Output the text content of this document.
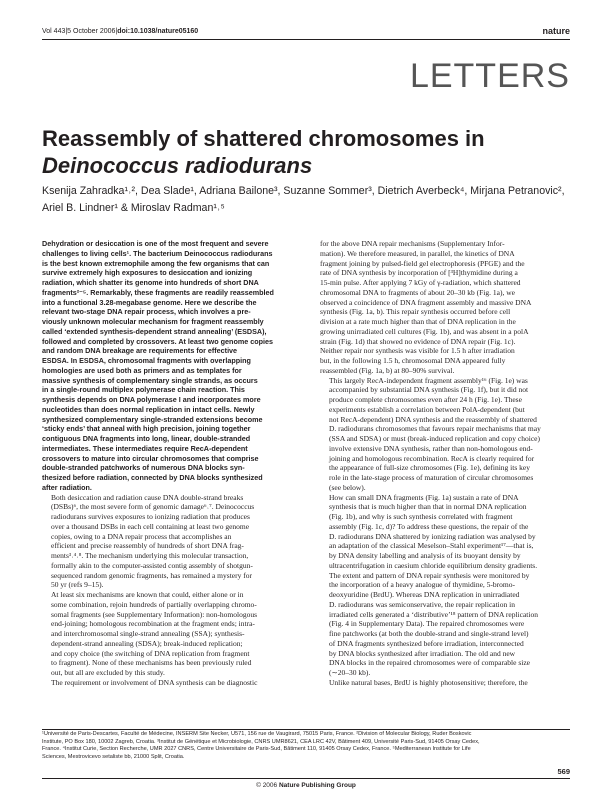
Vol 443|5 October 2006|doi:10.1038/nature05160	nature
LETTERS
Reassembly of shattered chromosomes in
Deinococcus radiodurans
Ksenija Zahradka¹˒², Dea Slade¹, Adriana Bailone³, Suzanne Sommer³, Dietrich Averbeck⁴, Mirjana Petranovic²,
Ariel B. Lindner¹ & Miroslav Radman¹˒⁵
Dehydration or desiccation is one of the most frequent and severe
challenges to living cells¹. The bacterium Deinococcus radiodurans
is the best known extremophile among the few organisms that can
survive extremely high exposures to desiccation and ionizing
radiation, which shatter its genome into hundreds of short DNA
fragments²⁻⁵. Remarkably, these fragments are readily reassembled
into a functional 3.28-megabase genome. Here we describe the
relevant two-stage DNA repair process, which involves a pre-
viously unknown molecular mechanism for fragment reassembly
called ‘extended synthesis-dependent strand annealing’ (ESDSA),
followed and completed by crossovers. At least two genome copies
and random DNA breakage are requirements for effective
ESDSA. In ESDSA, chromosomal fragments with overlapping
homologies are used both as primers and as templates for
massive synthesis of complementary single strands, as occurs
in a single-round multiplex polymerase chain reaction. This
synthesis depends on DNA polymerase I and incorporates more
nucleotides than does normal replication in intact cells. Newly
synthesized complementary single-stranded extensions become
‘sticky ends’ that anneal with high precision, joining together
contiguous DNA fragments into long, linear, double-stranded
intermediates. These intermediates require RecA-dependent
crossovers to mature into circular chromosomes that comprise
double-stranded patchworks of numerous DNA blocks syn-
thesized before radiation, connected by DNA blocks synthesized
after radiation.

Both desiccation and radiation cause DNA double-strand breaks
(DSBs)⁶, the most severe form of genomic damage⁶˒⁷. Deinococcus
radiodurans survives exposures to ionizing radiation that produces
over a thousand DSBs in each cell containing at least two genome
copies, owing to a DNA repair process that accomplishes an
efficient and precise reassembly of hundreds of short DNA frag-
ments³˒⁴˒⁸. The mechanism underlying this molecular transaction,
formally akin to the computer-assisted contig assembly of shotgun-
sequenced random genomic fragments, has remained a mystery for
50 yr (refs 9–15).

At least six mechanisms are known that could, either alone or in
some combination, rejoin hundreds of partially overlapping chromo-
somal fragments (see Supplementary Information): non-homologous
end-joining; homologous recombination at the fragment ends; intra-
and interchromosomal single-strand annealing (SSA); synthesis-
dependent-strand annealing (SDSA); break-induced replication;
and copy choice (the switching of DNA replication from fragment
to fragment). None of these mechanisms has been previously ruled
out, but all are excluded by this study.

The requirement or involvement of DNA synthesis can be diagnostic

for the above DNA repair mechanisms (Supplementary Infor-
mation). We therefore measured, in parallel, the kinetics of DNA
fragment joining by pulsed-field gel electrophoresis (PFGE) and the
rate of DNA synthesis by incorporation of [³H]thymidine during a
15-min pulse. After applying 7 kGy of γ-radiation, which shattered
chromosomal DNA to fragments of about 20–30 kb (Fig. 1a), we
observed a coincidence of DNA fragment assembly and massive DNA
synthesis (Fig. 1a, b). This repair synthesis occurred before cell
division at a rate much higher than that of DNA replication in the
growing unirradiated cell cultures (Fig. 1b), and was absent in a polA
strain (Fig. 1d) that showed no evidence of DNA repair (Fig. 1c).
Neither repair nor synthesis was visible for 1.5 h after irradiation
but, in the following 1.5 h, chromosomal DNA appeared fully
reassembled (Fig. 1a, b) at 80–90% survival.

This largely RecA-independent fragment assembly¹⁶ (Fig. 1e) was
accompanied by substantial DNA synthesis (Fig. 1f), but it did not
produce complete chromosomes even after 24 h (Fig. 1e). These
experiments establish a correlation between PolA-dependent (but
not RecA-dependent) DNA synthesis and the reassembly of shattered
D. radiodurans chromosomes that favours repair mechanisms that may
(SSA and SDSA) or must (break-induced replication and copy choice)
involve extensive DNA synthesis, rather than non-homologous end-
joining and homologous recombination. RecA is clearly required for
the appearance of full-size chromosomes (Fig. 1e), defining its key
role in the late-stage process of maturation of circular chromosomes
(see below).

How can small DNA fragments (Fig. 1a) sustain a rate of DNA
synthesis that is much higher than that in normal DNA replication
(Fig. 1b), and why is such synthesis correlated with fragment
assembly (Fig. 1c, d)? To address these questions, the repair of the
D. radiodurans DNA shattered by ionizing radiation was analysed by
an adaptation of the classical Meselson–Stahl experiment¹⁷—that is,
by DNA density labelling and analysis of its buoyant density by
ultracentrifugation in caesium chloride equilibrium density gradients.
The extent and pattern of DNA repair synthesis were monitored by
the incorporation of a heavy analogue of thymidine, 5-bromo-
deoxyuridine (BrdU). Whereas DNA replication in unirradiated
D. radiodurans was semiconservative, the repair replication in
irradiated cells generated a ‘distributive’¹⁸ pattern of DNA replication
(Fig. 4 in Supplementary Data). The repaired chromosomes were
fine patchworks (at both the double-strand and single-strand level)
of DNA fragments synthesized before irradiation, interconnected
by DNA blocks synthesized after irradiation. The old and new
DNA blocks in the repaired chromosomes were of comparable size
(∼20–30 kb).

Unlike natural bases, BrdU is highly photosensitive; therefore, the

¹Université de Paris-Descartes, Faculté de Médecine, INSERM Site Necker, U571, 156 rue de Vaugirard, 75015 Paris, France. ²Division of Molecular Biology, Ruder Boskovic
Institute, PO Box 180, 10002 Zagreb, Croatia. ³Institut de Génétique et Microbiologie, CNRS UMR8621, CEA LRC 42V, Bâtiment 409, Université Paris-Sud, 91405 Orsay Cedex,
France. ⁴Institut Curie, Section Recherche, UMR 2027 CNRS, Centre Universitaire de Paris-Sud, Bâtiment 110, 91405 Orsay Cedex, France. ⁵Mediterranean Institute for Life
Sciences, Mestrovicevo setaliste bb, 21000 Split, Croatia.
569
© 2006 Nature Publishing Group
